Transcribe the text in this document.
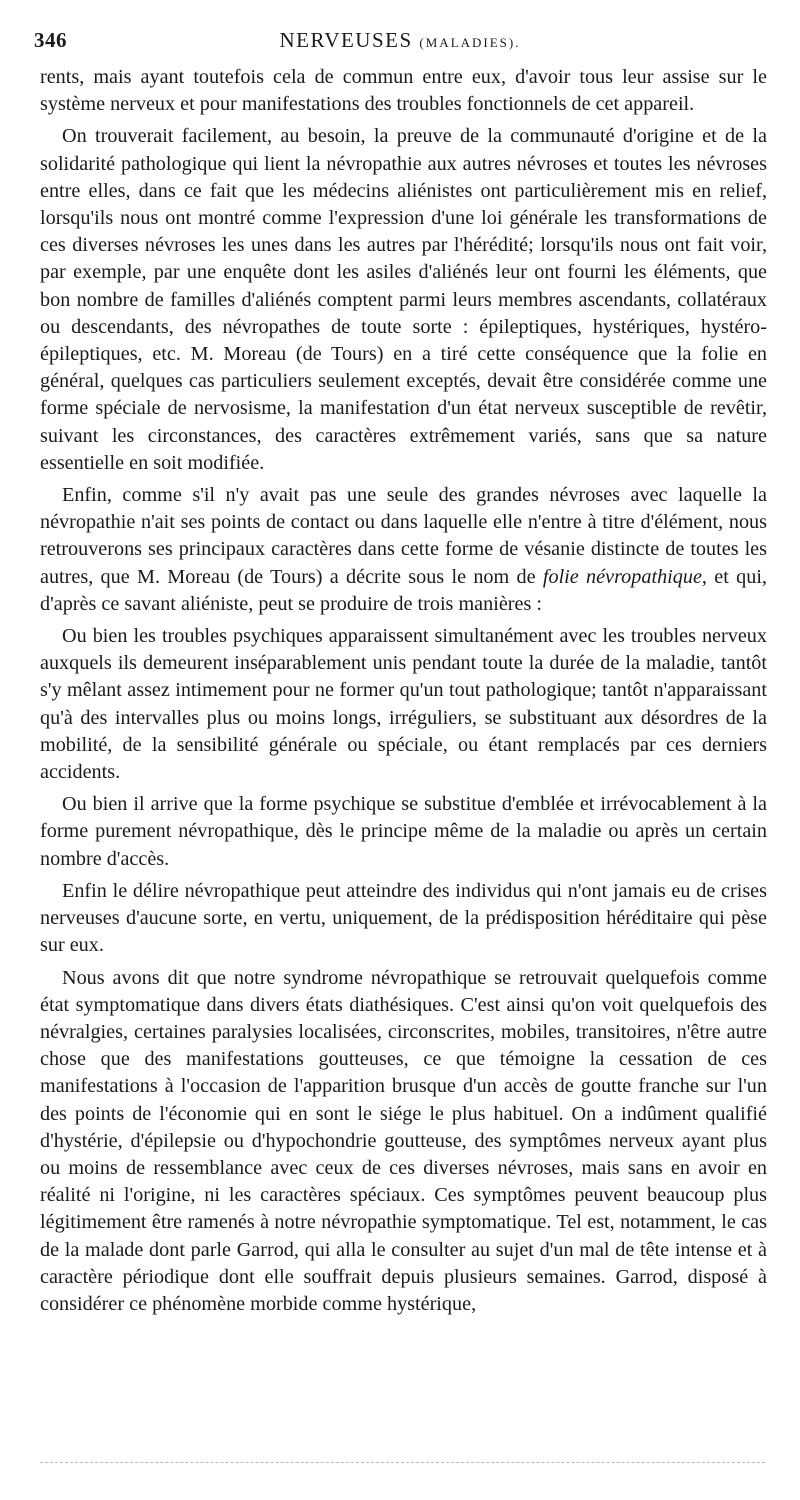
346	NERVEUSES (MALADIES).

rents, mais ayant toutefois cela de commun entre eux, d'avoir tous leur assise sur le système nerveux et pour manifestations des troubles fonctionnels de cet appareil.

On trouverait facilement, au besoin, la preuve de la communauté d'origine et de la solidarité pathologique qui lient la névropathie aux autres névroses et toutes les névroses entre elles, dans ce fait que les médecins aliénistes ont particulièrement mis en relief, lorsqu'ils nous ont montré comme l'expression d'une loi générale les transformations de ces diverses névroses les unes dans les autres par l'hérédité; lorsqu'ils nous ont fait voir, par exemple, par une enquête dont les asiles d'aliénés leur ont fourni les éléments, que bon nombre de familles d'aliénés comptent parmi leurs membres ascendants, collatéraux ou descendants, des névropathes de toute sorte : épileptiques, hystériques, hystéro-épileptiques, etc. M. Moreau (de Tours) en a tiré cette conséquence que la folie en général, quelques cas particuliers seulement exceptés, devait être considérée comme une forme spéciale de nervosisme, la manifestation d'un état nerveux susceptible de revêtir, suivant les circonstances, des caractères extrêmement variés, sans que sa nature essentielle en soit modifiée.

Enfin, comme s'il n'y avait pas une seule des grandes névroses avec laquelle la névropathie n'ait ses points de contact ou dans laquelle elle n'entre à titre d'élément, nous retrouverons ses principaux caractères dans cette forme de vésanie distincte de toutes les autres, que M. Moreau (de Tours) a décrite sous le nom de folie névropathique, et qui, d'après ce savant aliéniste, peut se produire de trois manières :

Ou bien les troubles psychiques apparaissent simultanément avec les troubles nerveux auxquels ils demeurent inséparablement unis pendant toute la durée de la maladie, tantôt s'y mêlant assez intimement pour ne former qu'un tout pathologique; tantôt n'apparaissant qu'à des intervalles plus ou moins longs, irréguliers, se substituant aux désordres de la mobilité, de la sensibilité générale ou spéciale, ou étant remplacés par ces derniers accidents.

Ou bien il arrive que la forme psychique se substitue d'emblée et irrévocablement à la forme purement névropathique, dès le principe même de la maladie ou après un certain nombre d'accès.

Enfin le délire névropathique peut atteindre des individus qui n'ont jamais eu de crises nerveuses d'aucune sorte, en vertu, uniquement, de la prédisposition héréditaire qui pèse sur eux.

Nous avons dit que notre syndrome névropathique se retrouvait quelquefois comme état symptomatique dans divers états diathésiques. C'est ainsi qu'on voit quelquefois des névralgies, certaines paralysies localisées, circonscrites, mobiles, transitoires, n'être autre chose que des manifestations goutteuses, ce que témoigne la cessation de ces manifestations à l'occasion de l'apparition brusque d'un accès de goutte franche sur l'un des points de l'économie qui en sont le siége le plus habituel. On a indûment qualifié d'hystérie, d'épilepsie ou d'hypochondrie goutteuse, des symptômes nerveux ayant plus ou moins de ressemblance avec ceux de ces diverses névroses, mais sans en avoir en réalité ni l'origine, ni les caractères spéciaux. Ces symptômes peuvent beaucoup plus légitimement être ramenés à notre névropathie symptomatique. Tel est, notamment, le cas de la malade dont parle Garrod, qui alla le consulter au sujet d'un mal de tête intense et à caractère périodique dont elle souffrait depuis plusieurs semaines. Garrod, disposé à considérer ce phénomène morbide comme hystérique,
